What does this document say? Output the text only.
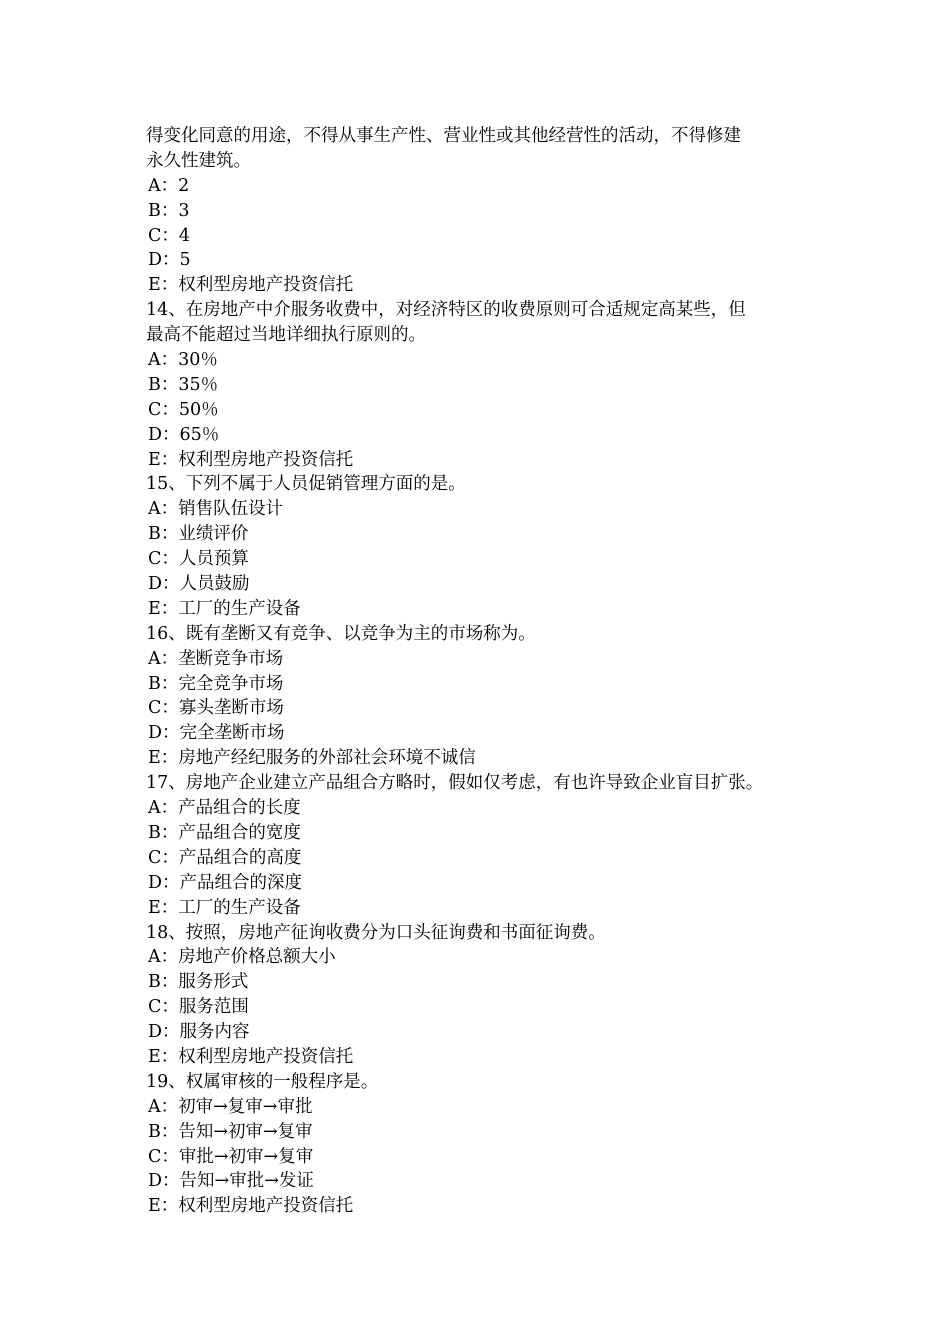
得变化同意的用途，不得从事生产性、营业性或其他经营性的活动，不得修建
永久性建筑。
A：2
B：3
C：4
D：5
E：权利型房地产投资信托
14、在房地产中介服务收费中，对经济特区的收费原则可合适规定高某些，但
最高不能超过当地详细执行原则的。
A：30％
B：35％
C：50％
D：65％
E：权利型房地产投资信托
15、下列不属于人员促销管理方面的是。
A：销售队伍设计
B：业绩评价
C：人员预算
D：人员鼓励
E：工厂的生产设备
16、既有垄断又有竞争、以竞争为主的市场称为。
A：垄断竞争市场
B：完全竞争市场
C：寡头垄断市场
D：完全垄断市场
E：房地产经纪服务的外部社会环境不诚信
17、房地产企业建立产品组合方略时，假如仅考虑，有也许导致企业盲目扩张。
A：产品组合的长度
B：产品组合的宽度
C：产品组合的高度
D：产品组合的深度
E：工厂的生产设备
18、按照，房地产征询收费分为口头征询费和书面征询费。
A：房地产价格总额大小
B：服务形式
C：服务范围
D：服务内容
E：权利型房地产投资信托
19、权属审核的一般程序是。
A：初审→复审→审批
B：告知→初审→复审
C：审批→初审→复审
D：告知→审批→发证
E：权利型房地产投资信托
